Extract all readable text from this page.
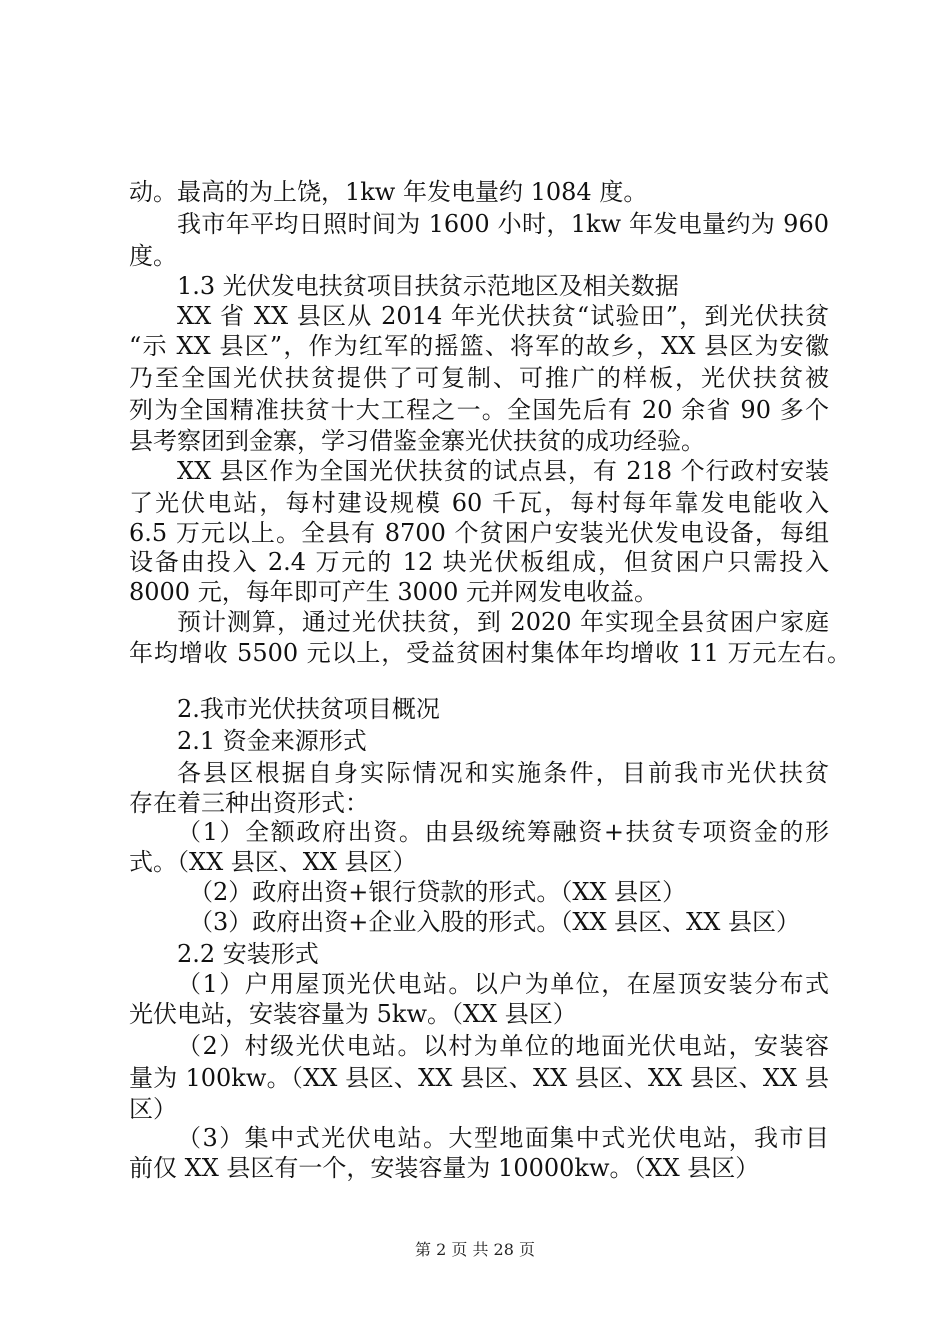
动。最高的为上饶，1kw 年发电量约 1084 度。
我市年平均日照时间为 1600 小时，1kw 年发电量约为 960
度。
1.3 光伏发电扶贫项目扶贫示范地区及相关数据
XX 省 XX 县区从 2014 年光伏扶贫“试验田”，到光伏扶贫
“示 XX 县区”，作为红军的摇篮、将军的故乡，XX 县区为安徽
乃至全国光伏扶贫提供了可复制、可推广的样板，光伏扶贫被
列为全国精准扶贫十大工程之一。全国先后有 20 余省 90 多个
县考察团到金寨，学习借鉴金寨光伏扶贫的成功经验。
XX 县区作为全国光伏扶贫的试点县，有 218 个行政村安装
了光伏电站，每村建设规模 60 千瓦，每村每年靠发电能收入
6.5 万元以上。全县有 8700 个贫困户安装光伏发电设备，每组
设备由投入 2.4 万元的 12 块光伏板组成，但贫困户只需投入
8000 元，每年即可产生 3000 元并网发电收益。
预计测算，通过光伏扶贫，到 2020 年实现全县贫困户家庭
年均增收 5500 元以上，受益贫困村集体年均增收 11 万元左右。
2.我市光伏扶贫项目概况
2.1 资金来源形式
各县区根据自身实际情况和实施条件，目前我市光伏扶贫
存在着三种出资形式：
（1）全额政府出资。由县级统筹融资+扶贫专项资金的形
式。（XX 县区、XX 县区）
（2）政府出资+银行贷款的形式。（XX 县区）
（3）政府出资+企业入股的形式。（XX 县区、XX 县区）
2.2 安装形式
（1）户用屋顶光伏电站。以户为单位，在屋顶安装分布式
光伏电站，安装容量为 5kw。（XX 县区）
（2）村级光伏电站。以村为单位的地面光伏电站，安装容
量为 100kw。（XX 县区、XX 县区、XX 县区、XX 县区、XX 县
区）
（3）集中式光伏电站。大型地面集中式光伏电站，我市目
前仅 XX 县区有一个，安装容量为 10000kw。（XX 县区）
第 2 页 共 28 页
